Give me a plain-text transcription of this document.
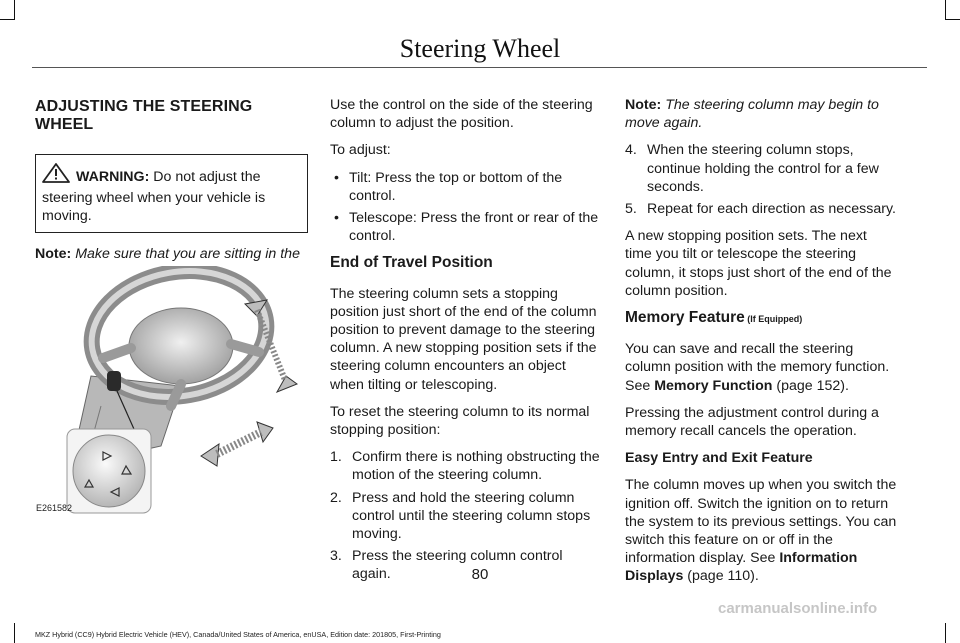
Steering Wheel
ADJUSTING THE STEERING WHEEL
WARNING: Do not adjust the steering wheel when your vehicle is moving.

Note: Make sure that you are sitting in the

E261582

Use the control on the side of the steering column to adjust the position.

To adjust:

• Tilt: Press the top or bottom of the control.
• Telescope: Press the front or rear of the control.
End of Travel Position

The steering column sets a stopping position just short of the end of the column position to prevent damage to the steering column. A new stopping position sets if the steering column encounters an object when tilting or telescoping.

To reset the steering column to its normal stopping position:

1. Confirm there is nothing obstructing the motion of the steering column.
2. Press and hold the steering column control until the steering column stops moving.
3. Press the steering column control again.

Note: The steering column may begin to move again.

4. When the steering column stops, continue holding the control for a few seconds.
5. Repeat for each direction as necessary.

A new stopping position sets. The next time you tilt or telescope the steering column, it stops just short of the end of the column position.

Memory Feature (If Equipped)

You can save and recall the steering column position with the memory function. See Memory Function (page 152).

Pressing the adjustment control during a memory recall cancels the operation.

Easy Entry and Exit Feature

The column moves up when you switch the ignition off. Switch the ignition on to return the system to its previous settings. You can switch this feature on or off in the information display. See Information Displays (page 110).

80
MKZ Hybrid (CC9) Hybrid Electric Vehicle (HEV), Canada/United States of America, enUSA, Edition date: 201805, First-Printing
carmanualsonline.info
